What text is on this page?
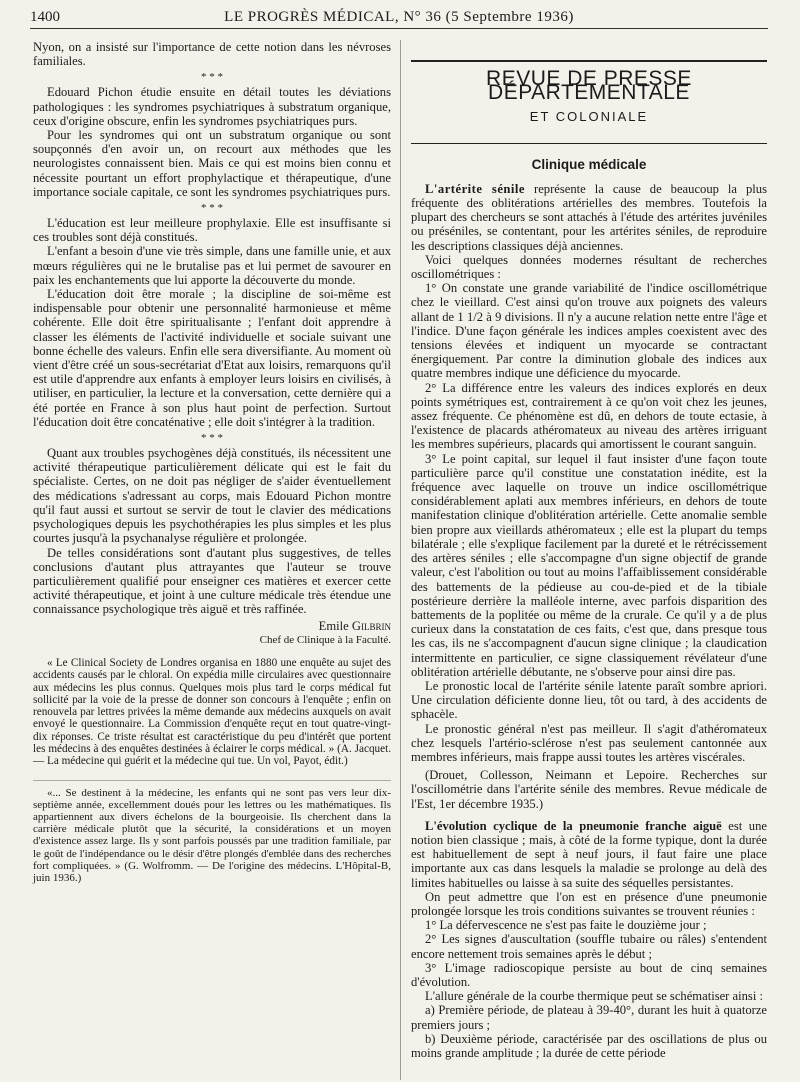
1400	LE PROGRÈS MÉDICAL, N° 36 (5 Septembre 1936)

Nyon, on a insisté sur l'importance de cette notion dans les névroses familiales.

* * *

Edouard Pichon étudie ensuite en détail toutes les déviations pathologiques : les syndromes psychiatriques à substratum organique, ceux d'origine obscure, enfin les syndromes psychiatriques purs.

Pour les syndromes qui ont un substratum organique ou sont soupçonnés d'en avoir un, on recourt aux méthodes que les neurologistes connaissent bien. Mais ce qui est moins bien connu et nécessite pourtant un effort prophylactique et thérapeutique, d'une importance sociale capitale, ce sont les syndromes psychiatriques purs.

* * *

L'éducation est leur meilleure prophylaxie. Elle est insuffisante si ces troubles sont déjà constitués.

L'enfant a besoin d'une vie très simple, dans une famille unie, et aux mœurs régulières qui ne le brutalise pas et lui permet de savourer en paix les enchantements que lui apporte la découverte du monde.

L'éducation doit être morale ; la discipline de soi-même est indispensable pour obtenir une personnalité harmonieuse et même cohérente. Elle doit être spiritualisante ; l'enfant doit apprendre à classer les éléments de l'activité individuelle et sociale suivant une bonne échelle des valeurs. Enfin elle sera diversifiante. Au moment où vient d'être créé un sous-secrétariat d'Etat aux loisirs, remarquons qu'il est utile d'apprendre aux enfants à employer leurs loisirs en civilisés, à utiliser, en particulier, la lecture et la conversation, cette dernière qui a été portée en France à son plus haut point de perfection. Surtout l'éducation doit être concaténative ; elle doit s'intégrer à la tradition.

* * *

Quant aux troubles psychogènes déjà constitués, ils nécessitent une activité thérapeutique particulièrement délicate qui est le fait du spécialiste. Certes, on ne doit pas négliger de s'aider éventuellement des médications s'adressant au corps, mais Edouard Pichon montre qu'il faut aussi et surtout se servir de tout le clavier des médications psychologiques depuis les psychothérapies les plus simples et les plus courtes jusqu'à la psychanalyse régulière et prolongée.

De telles considérations sont d'autant plus suggestives, de telles conclusions d'autant plus attrayantes que l'auteur se trouve particulièrement qualifié pour enseigner ces matières et exercer cette activité thérapeutique, et joint à une culture médicale très étendue une connaissance psychologique très aiguë et très raffinée.

Emile Gilbrin
Chef de Clinique à la Faculté.

« Le Clinical Society de Londres organisa en 1880 une enquête au sujet des accidents causés par le chloral. On expédia mille circulaires avec questionnaire aux médecins les plus connus. Quelques mois plus tard le corps médical fut sollicité par la voie de la presse de donner son concours à l'enquête ; enfin on renouvela par lettres privées la même demande aux médecins auxquels on avait envoyé le questionnaire. La Commission d'enquête reçut en tout quatre-vingt-dix réponses. Ce triste résultat est caractéristique du peu d'intérêt que portent les médecins à des enquêtes destinées à éclairer le corps médical. » (A. Jacquet. — La médecine qui guérit et la médecine qui tue. Un vol, Payot, édit.)

«... Se destinent à la médecine, les enfants qui ne sont pas vers leur dix-septième année, excellemment doués pour les lettres ou les mathématiques. Ils appartiennent aux divers échelons de la bourgeoisie. Ils cherchent dans la carrière médicale plutôt que la sécurité, la considérations et un moyen d'existence assez large. Ils y sont parfois poussés par une tradition familiale, par le goût de l'indépendance ou le désir d'être plongés d'emblée dans des recherches fort compliquées. » (G. Wolfromm. — De l'origine des médecins. L'Hôpital-B, juin 1936.)

REVUE DE PRESSE DÉPARTEMENTALE
ET COLONIALE
Clinique médicale

L'artérite sénile représente la cause de beaucoup la plus fréquente des oblitérations artérielles des membres. Toutefois la plupart des chercheurs se sont attachés à l'étude des artérites juvéniles ou préséniles, se contentant, pour les artérites séniles, de reproduire les descriptions classiques déjà anciennes.

Voici quelques données modernes résultant de recherches oscillométriques :

1° On constate une grande variabilité de l'indice oscillométrique chez le vieillard. C'est ainsi qu'on trouve aux poignets des valeurs allant de 1 1/2 à 9 divisions. Il n'y a aucune relation nette entre l'âge et l'indice. D'une façon générale les indices amples coexistent avec des tensions élevées et indiquent un myocarde se contractant énergiquement. Par contre la diminution globale des indices aux quatre membres indique une déficience du myocarde.

2° La différence entre les valeurs des indices explorés en deux points symétriques est, contrairement à ce qu'on voit chez les jeunes, assez fréquente. Ce phénomène est dû, en dehors de toute ectasie, à l'existence de placards athéromateux au niveau des artères irriguant les membres supérieurs, placards qui amortissent le courant sanguin.

3° Le point capital, sur lequel il faut insister d'une façon toute particulière parce qu'il constitue une constatation inédite, est la fréquence avec laquelle on trouve un indice oscillométrique considérablement aplati aux membres inférieurs, en dehors de toute manifestation clinique d'oblitération artérielle. Cette anomalie semble bien propre aux vieillards athéromateux ; elle est la plupart du temps bilatérale ; elle s'explique facilement par la dureté et le rétrécissement des artères séniles ; elle s'accompagne d'un signe objectif de grande valeur, c'est l'abolition ou tout au moins l'affaiblissement considérable des battements de la pédieuse au cou-de-pied et de la tibiale postérieure derrière la malléole interne, avec parfois disparition des battements de la poplitée ou même de la crurale. Ce qu'il y a de plus curieux dans la constatation de ces faits, c'est que, dans presque tous les cas, ils ne s'accompagnent d'aucun signe clinique ; la claudication intermittente en particulier, ce signe classiquement révélateur d'une oblitération artérielle débutante, ne s'observe pour ainsi dire pas.

Le pronostic local de l'artérite sénile latente paraît sombre apriori. Une circulation déficiente donne lieu, tôt ou tard, à des accidents de sphacèle.

Le pronostic général n'est pas meilleur. Il s'agit d'athéromateux chez lesquels l'artério-sclérose n'est pas seulement cantonnée aux membres inférieurs, mais frappe aussi toutes les artères viscérales.

(Drouet, Collesson, Neimann et Lepoire. Recherches sur l'oscillométrie dans l'artérite sénile des membres. Revue médicale de l'Est, 1er décembre 1935.)

L'évolution cyclique de la pneumonie franche aiguë est une notion bien classique ; mais, à côté de la forme typique, dont la durée est habituellement de sept à neuf jours, il faut faire une place importante aux cas dans lesquels la maladie se prolonge au delà des limites habituelles ou laisse à sa suite des séquelles persistantes.

On peut admettre que l'on est en présence d'une pneumonie prolongée lorsque les trois conditions suivantes se trouvent réunies :

1° La défervescence ne s'est pas faite le douzième jour ;

2° Les signes d'auscultation (souffle tubaire ou râles) s'entendent encore nettement trois semaines après le début ;

3° L'image radioscopique persiste au bout de cinq semaines d'évolution.

L'allure générale de la courbe thermique peut se schématiser ainsi :

a) Première période, de plateau à 39-40°, durant les huit à quatorze premiers jours ;

b) Deuxième période, caractérisée par des oscillations de plus ou moins grande amplitude ; la durée de cette période
